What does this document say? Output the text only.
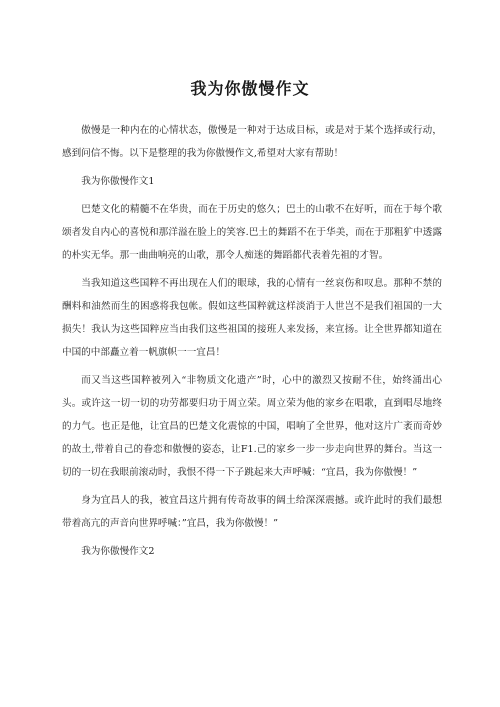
我为你傲慢作文

傲慢是一种内在的心情状态，傲慢是一种对于达成目标，或是对于某个选择或行动，感到问信不悔。以下是整理的我为你傲慢作文,希望对大家有帮助！

我为你傲慢作文1

巴楚文化的精髓不在华贵，而在于历史的悠久；巴土的山歌不在好听，而在于每个歌颂者发自内心的喜悦和那洋溢在脸上的笑容.巴土的舞蹈不在于华美，而在于那粗犷中透露的朴实无华。那一曲曲响亮的山歌，那令人痴迷的舞蹈都代表着先祖的才智。

当我知道这些国粹不再出现在人们的眼球，我的心情有一丝哀伤和叹息。那种不禁的酬料和油然而生的困惑将我包帐。假如这些国粹就这样淡消于人世岂不是我们祖国的一大损失！我认为这些国粹应当由我们这些祖国的接班人来发扬，来宣扬。让全世界都知道在中国的中部矗立着一帆旗帜一一宜昌！

而又当这些国粹被列入“非物质文化遗产”时，心中的激烈又按耐不住，始终涌出心头。或许这一切一切的功劳都要归功于周立荣。周立荣为他的家乡在唱歌，直到唱尽地终的力气。也正是他，让宜昌的巴楚文化震惊的中国，唱响了全世界，他对这片广袤而奇妙的故土,带着自己的眷恋和傲慢的姿态，让F1.己的家乡一步一步走向世界的舞台。当这一切的一切在我眼前滚动时，我恨不得一下子跳起来大声呼喊：“宜昌，我为你傲慢！”

身为宜昌人的我，被宜昌这片拥有传奇故事的阔土给深深震撼。或许此时的我们最想带着高亢的声音向世界呼喊：”宜昌，我为你傲慢！”

我为你傲慢作文2
